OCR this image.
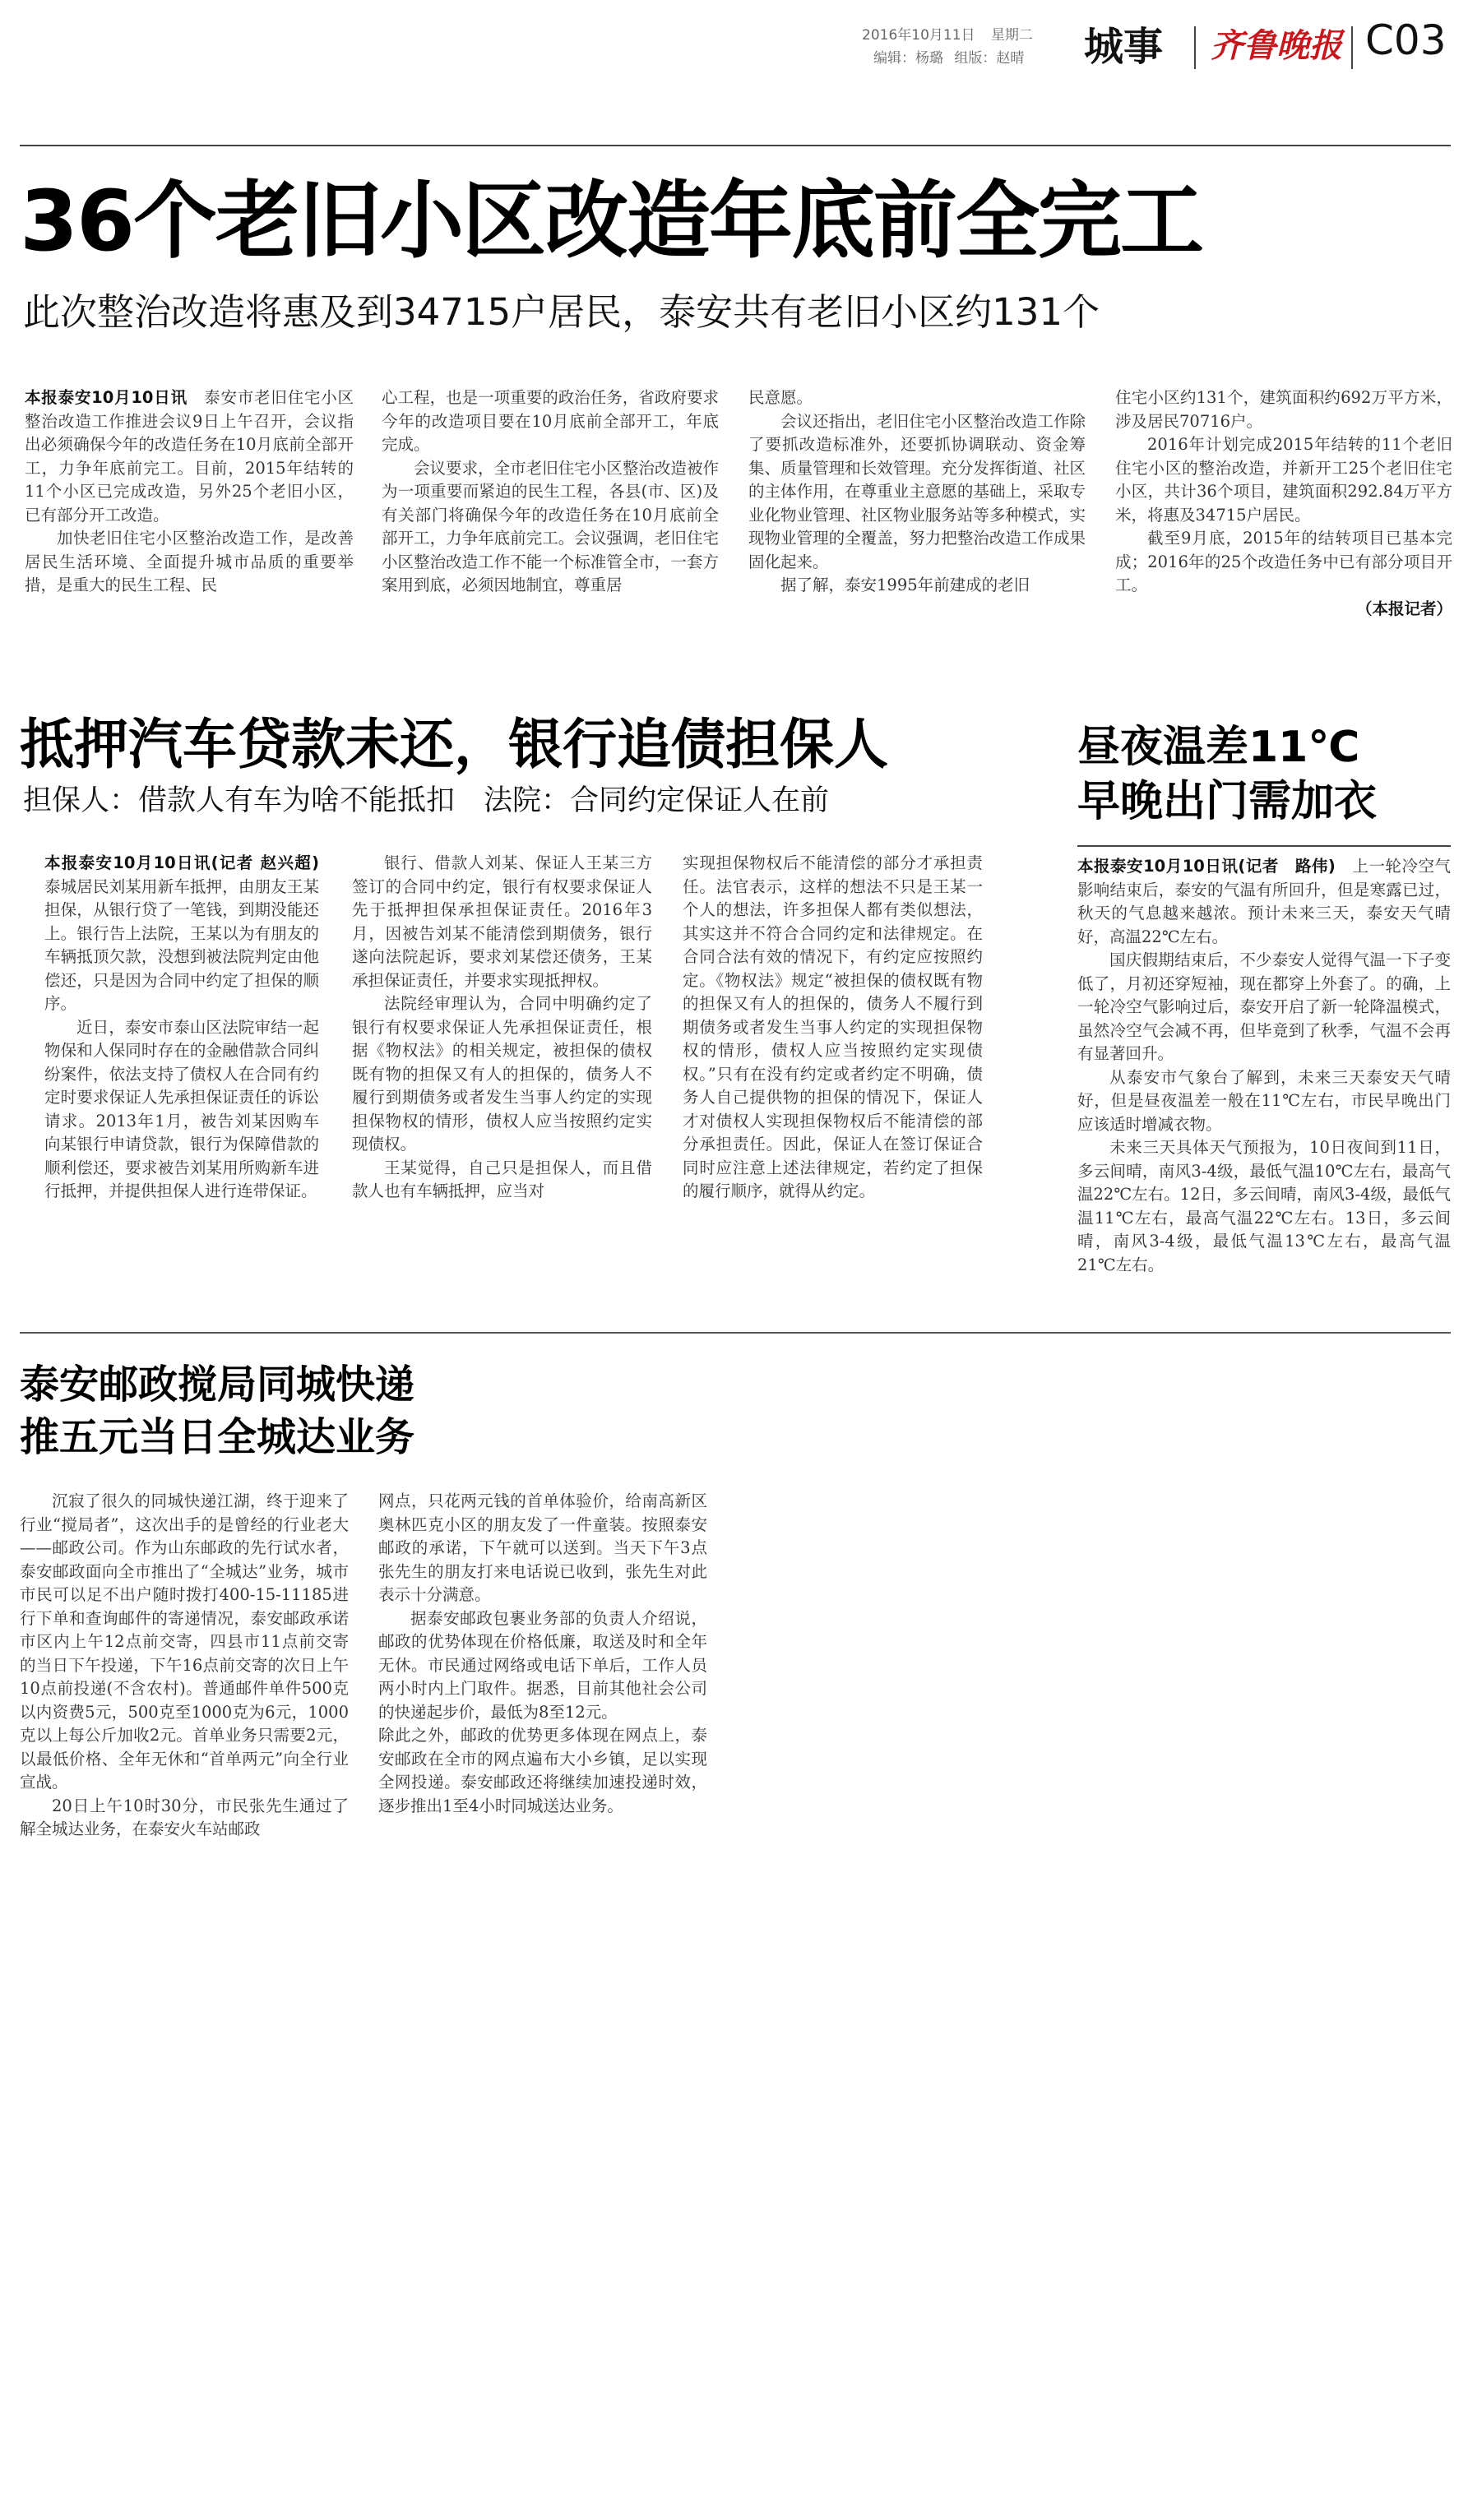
2016年10月11日 星期二
编辑：杨璐 组版：赵晴 城事 齐鲁晚报 C03
36个老旧小区改造年底前全完工
此次整治改造将惠及到34715户居民，泰安共有老旧小区约131个

本报泰安10月10日讯　 泰安市老旧住宅小区整治改造工作推进会议9日上午召开，会议指出必须确保今年的改造任务在10月底前全部开工，力争年底前完工。目前，2015年结转的11个小区已完成改造，另外25个老旧小区，已有部分开工改造。

加快老旧住宅小区整治改造工作，是改善居民生活环境、全面提升城市品质的重要举措，是重大的民生工程、民

心工程，也是一项重要的政治任务，省政府要求今年的改造项目要在10月底前全部开工，年底完成。

会议要求，全市老旧住宅小区整治改造被作为一项重要而紧迫的民生工程，各县(市、区)及有关部门将确保今年的改造任务在10月底前全部开工，力争年底前完工。会议强调，老旧住宅小区整治改造工作不能一个标准管全市，一套方案用到底，必须因地制宜，尊重居

民意愿。

会议还指出，老旧住宅小区整治改造工作除了要抓改造标准外，还要抓协调联动、资金筹集、质量管理和长效管理。充分发挥街道、社区的主体作用，在尊重业主意愿的基础上，采取专业化物业管理、社区物业服务站等多种模式，实现物业管理的全覆盖，努力把整治改造工作成果固化起来。

据了解，泰安1995年前建成的老旧

住宅小区约131个，建筑面积约692万平方米，涉及居民70716户。

2016年计划完成2015年结转的11个老旧住宅小区的整治改造，并新开工25个老旧住宅小区，共计36个项目，建筑面积292.84万平方米，将惠及34715户居民。

截至9月底，2015年的结转项目已基本完成；2016年的25个改造任务中已有部分项目开工。

（本报记者）
抵押汽车贷款未还，银行追债担保人
担保人：借款人有车为啥不能抵扣　法院：合同约定保证人在前

本报泰安10月10日讯(记者 赵兴超)　泰城居民刘某用新车抵押，由朋友王某担保，从银行贷了一笔钱，到期没能还上。银行告上法院，王某以为有朋友的车辆抵顶欠款，没想到被法院判定由他偿还，只是因为合同中约定了担保的顺序。

近日，泰安市泰山区法院审结一起物保和人保同时存在的金融借款合同纠纷案件，依法支持了债权人在合同有约定时要求保证人先承担保证责任的诉讼请求。2013年1月，被告刘某因购车向某银行申请贷款，银行为保障借款的顺利偿还，要求被告刘某用所购新车进行抵押，并提供担保人进行连带保证。

银行、借款人刘某、保证人王某三方签订的合同中约定，银行有权要求保证人先于抵押担保承担保证责任。2016年3月，因被告刘某不能清偿到期债务，银行遂向法院起诉，要求刘某偿还债务，王某承担保证责任，并要求实现抵押权。

法院经审理认为，合同中明确约定了银行有权要求保证人先承担保证责任，根据《物权法》的相关规定，被担保的债权既有物的担保又有人的担保的，债务人不履行到期债务或者发生当事人约定的实现担保物权的情形，债权人应当按照约定实现债权。

王某觉得，自己只是担保人，而且借款人也有车辆抵押，应当对

实现担保物权后不能清偿的部分才承担责任。法官表示，这样的想法不只是王某一个人的想法，许多担保人都有类似想法，其实这并不符合合同约定和法律规定。在合同合法有效的情况下，有约定应按照约定。《物权法》规定“被担保的债权既有物的担保又有人的担保的，债务人不履行到期债务或者发生当事人约定的实现担保物权的情形，债权人应当按照约定实现债权。”只有在没有约定或者约定不明确，债务人自己提供物的担保的情况下，保证人才对债权人实现担保物权后不能清偿的部分承担责任。因此，保证人在签订保证合同时应注意上述法律规定，若约定了担保的履行顺序，就得从约定。

昼夜温差11℃
早晚出门需加衣

本报泰安10月10日讯(记者　路伟)　 上一轮冷空气影响结束后，泰安的气温有所回升，但是寒露已过，秋天的气息越来越浓。预计未来三天，泰安天气晴好，高温22℃左右。

国庆假期结束后，不少泰安人觉得气温一下子变低了，月初还穿短袖，现在都穿上外套了。的确，上一轮冷空气影响过后，泰安开启了新一轮降温模式，虽然冷空气会减不再，但毕竟到了秋季，气温不会再有显著回升。

从泰安市气象台了解到，未来三天泰安天气晴好，但是昼夜温差一般在11℃左右，市民早晚出门应该适时增减衣物。

未来三天具体天气预报为，10日夜间到11日，多云间晴，南风3-4级，最低气温10℃左右，最高气温22℃左右。12日，多云间晴，南风3-4级，最低气温11℃左右，最高气温22℃左右。13日，多云间晴，南风3-4级，最低气温13℃左右，最高气温21℃左右。

泰安邮政搅局同城快递
推五元当日全城达业务

沉寂了很久的同城快递江湖，终于迎来了行业“搅局者”，这次出手的是曾经的行业老大——邮政公司。作为山东邮政的先行试水者，泰安邮政面向全市推出了“全城达”业务，城市市民可以足不出户随时拨打400-15-11185进行下单和查询邮件的寄递情况，泰安邮政承诺市区内上午12点前交寄，四县市11点前交寄的当日下午投递，下午16点前交寄的次日上午10点前投递(不含农村)。普通邮件单件500克以内资费5元，500克至1000克为6元，1000克以上每公斤加收2元。首单业务只需要2元，以最低价格、全年无休和“首单两元”向全行业宣战。

20日上午10时30分，市民张先生通过了解全城达业务，在泰安火车站邮政

网点，只花两元钱的首单体验价，给南高新区奥林匹克小区的朋友发了一件童装。按照泰安邮政的承诺，下午就可以送到。当天下午3点张先生的朋友打来电话说已收到，张先生对此表示十分满意。

据泰安邮政包裹业务部的负责人介绍说，邮政的优势体现在价格低廉，取送及时和全年无休。市民通过网络或电话下单后，工作人员两小时内上门取件。据悉，目前其他社会公司的快递起步价，最低为8至12元。

除此之外，邮政的优势更多体现在网点上，泰安邮政在全市的网点遍布大小乡镇，足以实现全网投递。泰安邮政还将继续加速投递时效，逐步推出1至4小时同城送达业务。
